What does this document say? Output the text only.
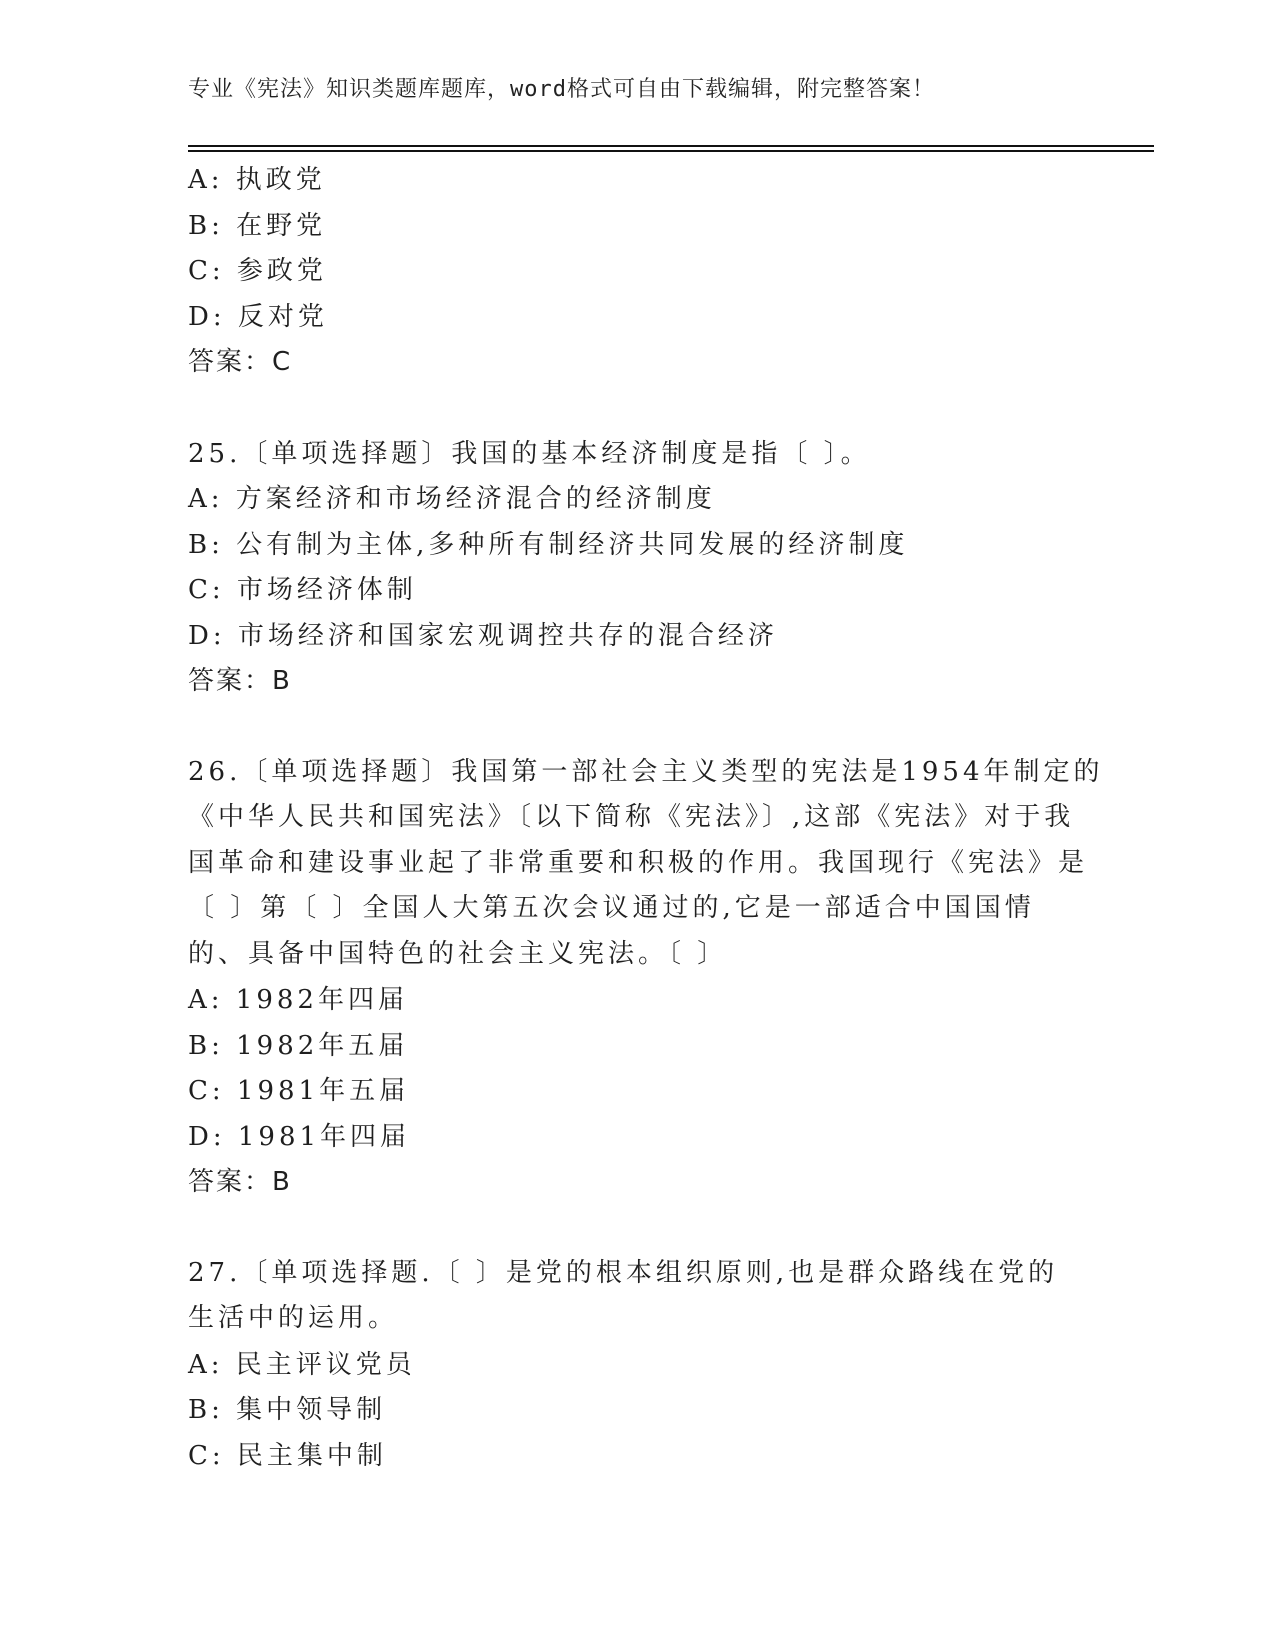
专业《宪法》知识类题库题库，word格式可自由下载编辑，附完整答案！
A: 执政党
B: 在野党
C: 参政党
D: 反对党
答案：C
25.〔单项选择题〕我国的基本经济制度是指〔 〕。
A: 方案经济和市场经济混合的经济制度
B: 公有制为主体,多种所有制经济共同发展的经济制度
C: 市场经济体制
D: 市场经济和国家宏观调控共存的混合经济
答案：B
26.〔单项选择题〕我国第一部社会主义类型的宪法是1954年制定的
《中华人民共和国宪法》〔以下简称《宪法》〕,这部《宪法》对于我
国革命和建设事业起了非常重要和积极的作用。我国现行《宪法》是
〔 〕第〔 〕全国人大第五次会议通过的,它是一部适合中国国情
的、具备中国特色的社会主义宪法。〔 〕
A: 1982年四届
B: 1982年五届
C: 1981年五届
D: 1981年四届
答案：B
27.〔单项选择题.〔 〕是党的根本组织原则,也是群众路线在党的
生活中的运用。
A: 民主评议党员
B: 集中领导制
C: 民主集中制
